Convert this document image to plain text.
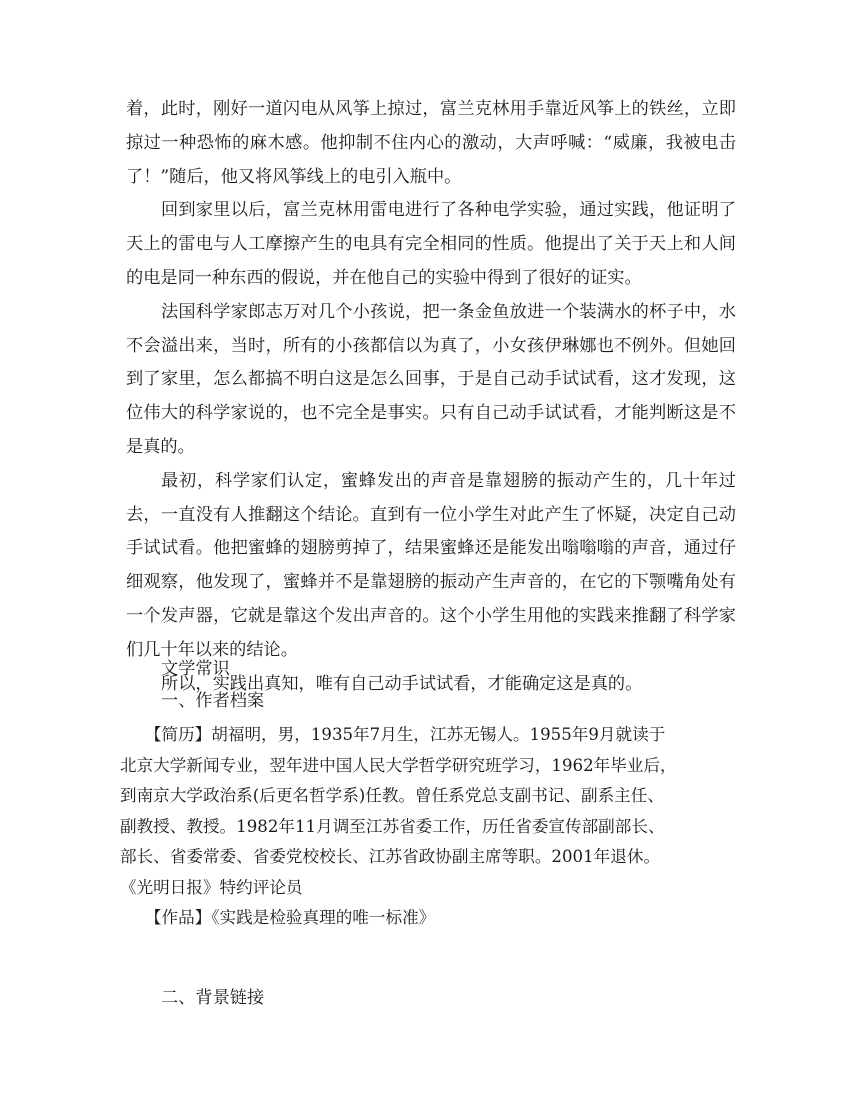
着，此时，刚好一道闪电从风筝上掠过，富兰克林用手靠近风筝上的铁丝，立即掠过一种恐怖的麻木感。他抑制不住内心的激动，大声呼喊：“威廉，我被电击了！”随后，他又将风筝线上的电引入瓶中。

回到家里以后，富兰克林用雷电进行了各种电学实验，通过实践，他证明了天上的雷电与人工摩擦产生的电具有完全相同的性质。他提出了关于天上和人间的电是同一种东西的假说，并在他自己的实验中得到了很好的证实。

法国科学家郎志万对几个小孩说，把一条金鱼放进一个装满水的杯子中，水不会溢出来，当时，所有的小孩都信以为真了，小女孩伊琳娜也不例外。但她回到了家里，怎么都搞不明白这是怎么回事，于是自己动手试试看，这才发现，这位伟大的科学家说的，也不完全是事实。只有自己动手试试看，才能判断这是不是真的。

最初，科学家们认定，蜜蜂发出的声音是靠翅膀的振动产生的，几十年过去，一直没有人推翻这个结论。直到有一位小学生对此产生了怀疑，决定自己动手试试看。他把蜜蜂的翅膀剪掉了，结果蜜蜂还是能发出嗡嗡嗡的声音，通过仔细观察，他发现了，蜜蜂并不是靠翅膀的振动产生声音的，在它的下颚嘴角处有一个发声器，它就是靠这个发出声音的。这个小学生用他的实践来推翻了科学家们几十年以来的结论。

所以，实践出真知，唯有自己动手试试看，才能确定这是真的。

文学常识
一、作者档案
　　【简历】胡福明，男，1935年7月生，江苏无锡人。1955年9月就读于
北京大学新闻专业，翌年进中国人民大学哲学研究班学习，1962年毕业后，
到南京大学政治系(后更名哲学系)任教。曾任系党总支副书记、副系主任、
副教授、教授。1982年11月调至江苏省委工作，历任省委宣传部副部长、
部长、省委常委、省委党校校长、江苏省政协副主席等职。2001年退休。
《光明日报》特约评论员
　　【作品】《实践是检验真理的唯一标准》
二、背景链接
